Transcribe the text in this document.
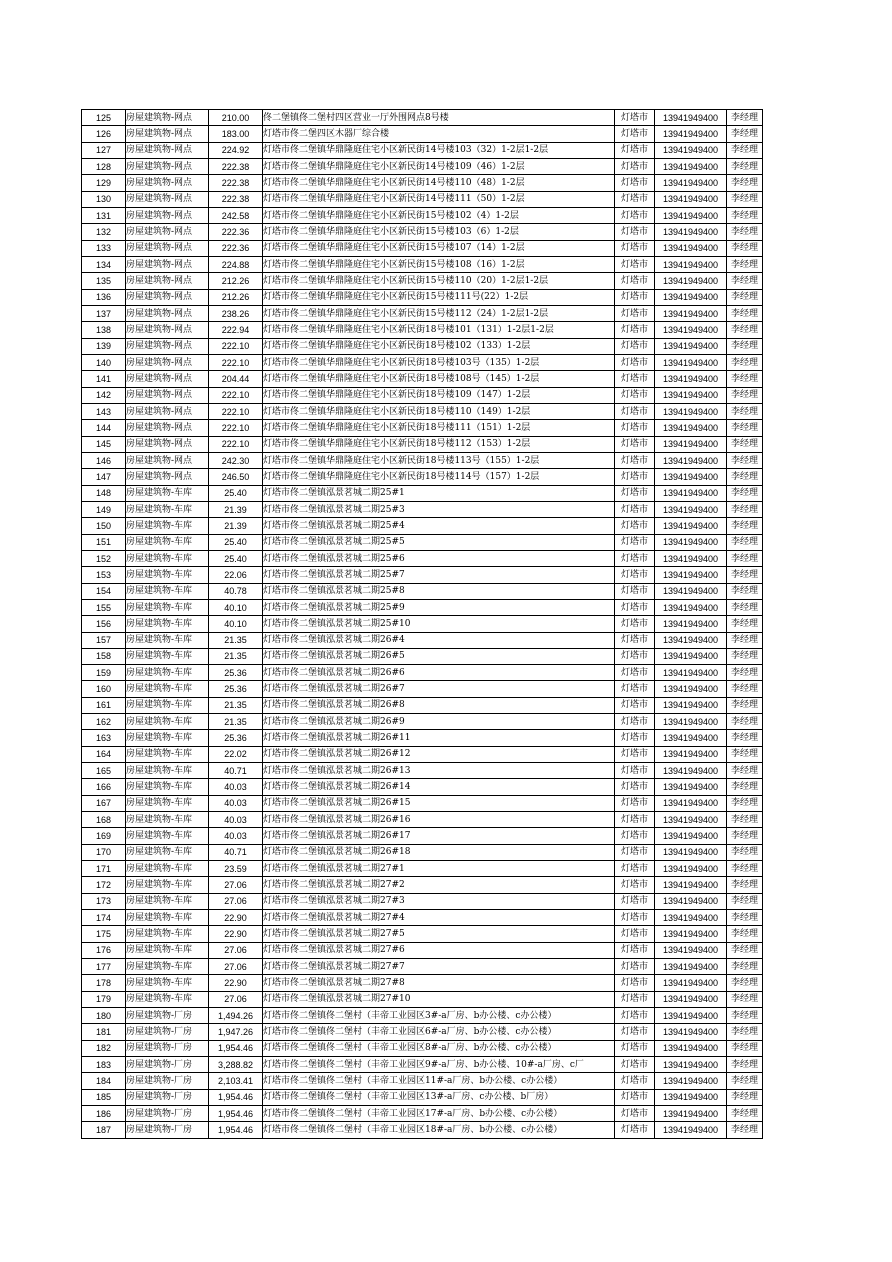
125	房屋建筑物-网点	210.00	佟二堡镇佟二堡村四区营业一厅外围网点8号楼	灯塔市	13941949400	李经理
126	房屋建筑物-网点	183.00	灯塔市佟二堡四区木器厂综合楼	灯塔市	13941949400	李经理
127	房屋建筑物-网点	224.92	灯塔市佟二堡镇华鼎隆庭住宅小区新民街14号楼103（32）1-2层1-2层	灯塔市	13941949400	李经理
128	房屋建筑物-网点	222.38	灯塔市佟二堡镇华鼎隆庭住宅小区新民街14号楼109（46）1-2层	灯塔市	13941949400	李经理
129	房屋建筑物-网点	222.38	灯塔市佟二堡镇华鼎隆庭住宅小区新民街14号楼110（48）1-2层	灯塔市	13941949400	李经理
130	房屋建筑物-网点	222.38	灯塔市佟二堡镇华鼎隆庭住宅小区新民街14号楼111（50）1-2层	灯塔市	13941949400	李经理
131	房屋建筑物-网点	242.58	灯塔市佟二堡镇华鼎隆庭住宅小区新民街15号楼102（4）1-2层	灯塔市	13941949400	李经理
132	房屋建筑物-网点	222.36	灯塔市佟二堡镇华鼎隆庭住宅小区新民街15号楼103（6）1-2层	灯塔市	13941949400	李经理
133	房屋建筑物-网点	222.36	灯塔市佟二堡镇华鼎隆庭住宅小区新民街15号楼107（14）1-2层	灯塔市	13941949400	李经理
134	房屋建筑物-网点	224.88	灯塔市佟二堡镇华鼎隆庭住宅小区新民街15号楼108（16）1-2层	灯塔市	13941949400	李经理
135	房屋建筑物-网点	212.26	灯塔市佟二堡镇华鼎隆庭住宅小区新民街15号楼110（20）1-2层1-2层	灯塔市	13941949400	李经理
136	房屋建筑物-网点	212.26	灯塔市佟二堡镇华鼎隆庭住宅小区新民街15号楼111号(22）1-2层	灯塔市	13941949400	李经理
137	房屋建筑物-网点	238.26	灯塔市佟二堡镇华鼎隆庭住宅小区新民街15号楼112（24）1-2层1-2层	灯塔市	13941949400	李经理
138	房屋建筑物-网点	222.94	灯塔市佟二堡镇华鼎隆庭住宅小区新民街18号楼101（131）1-2层1-2层	灯塔市	13941949400	李经理
139	房屋建筑物-网点	222.10	灯塔市佟二堡镇华鼎隆庭住宅小区新民街18号楼102（133）1-2层	灯塔市	13941949400	李经理
140	房屋建筑物-网点	222.10	灯塔市佟二堡镇华鼎隆庭住宅小区新民街18号楼103号（135）1-2层	灯塔市	13941949400	李经理
141	房屋建筑物-网点	204.44	灯塔市佟二堡镇华鼎隆庭住宅小区新民街18号楼108号（145）1-2层	灯塔市	13941949400	李经理
142	房屋建筑物-网点	222.10	灯塔市佟二堡镇华鼎隆庭住宅小区新民街18号楼109（147）1-2层	灯塔市	13941949400	李经理
143	房屋建筑物-网点	222.10	灯塔市佟二堡镇华鼎隆庭住宅小区新民街18号楼110（149）1-2层	灯塔市	13941949400	李经理
144	房屋建筑物-网点	222.10	灯塔市佟二堡镇华鼎隆庭住宅小区新民街18号楼111（151）1-2层	灯塔市	13941949400	李经理
145	房屋建筑物-网点	222.10	灯塔市佟二堡镇华鼎隆庭住宅小区新民街18号楼112（153）1-2层	灯塔市	13941949400	李经理
146	房屋建筑物-网点	242.30	灯塔市佟二堡镇华鼎隆庭住宅小区新民街18号楼113号（155）1-2层	灯塔市	13941949400	李经理
147	房屋建筑物-网点	246.50	灯塔市佟二堡镇华鼎隆庭住宅小区新民街18号楼114号（157）1-2层	灯塔市	13941949400	李经理
148	房屋建筑物-车库	25.40	灯塔市佟二堡镇泓景茗城二期25#1	灯塔市	13941949400	李经理
149	房屋建筑物-车库	21.39	灯塔市佟二堡镇泓景茗城二期25#3	灯塔市	13941949400	李经理
150	房屋建筑物-车库	21.39	灯塔市佟二堡镇泓景茗城二期25#4	灯塔市	13941949400	李经理
151	房屋建筑物-车库	25.40	灯塔市佟二堡镇泓景茗城二期25#5	灯塔市	13941949400	李经理
152	房屋建筑物-车库	25.40	灯塔市佟二堡镇泓景茗城二期25#6	灯塔市	13941949400	李经理
153	房屋建筑物-车库	22.06	灯塔市佟二堡镇泓景茗城二期25#7	灯塔市	13941949400	李经理
154	房屋建筑物-车库	40.78	灯塔市佟二堡镇泓景茗城二期25#8	灯塔市	13941949400	李经理
155	房屋建筑物-车库	40.10	灯塔市佟二堡镇泓景茗城二期25#9	灯塔市	13941949400	李经理
156	房屋建筑物-车库	40.10	灯塔市佟二堡镇泓景茗城二期25#10	灯塔市	13941949400	李经理
157	房屋建筑物-车库	21.35	灯塔市佟二堡镇泓景茗城二期26#4	灯塔市	13941949400	李经理
158	房屋建筑物-车库	21.35	灯塔市佟二堡镇泓景茗城二期26#5	灯塔市	13941949400	李经理
159	房屋建筑物-车库	25.36	灯塔市佟二堡镇泓景茗城二期26#6	灯塔市	13941949400	李经理
160	房屋建筑物-车库	25.36	灯塔市佟二堡镇泓景茗城二期26#7	灯塔市	13941949400	李经理
161	房屋建筑物-车库	21.35	灯塔市佟二堡镇泓景茗城二期26#8	灯塔市	13941949400	李经理
162	房屋建筑物-车库	21.35	灯塔市佟二堡镇泓景茗城二期26#9	灯塔市	13941949400	李经理
163	房屋建筑物-车库	25.36	灯塔市佟二堡镇泓景茗城二期26#11	灯塔市	13941949400	李经理
164	房屋建筑物-车库	22.02	灯塔市佟二堡镇泓景茗城二期26#12	灯塔市	13941949400	李经理
165	房屋建筑物-车库	40.71	灯塔市佟二堡镇泓景茗城二期26#13	灯塔市	13941949400	李经理
166	房屋建筑物-车库	40.03	灯塔市佟二堡镇泓景茗城二期26#14	灯塔市	13941949400	李经理
167	房屋建筑物-车库	40.03	灯塔市佟二堡镇泓景茗城二期26#15	灯塔市	13941949400	李经理
168	房屋建筑物-车库	40.03	灯塔市佟二堡镇泓景茗城二期26#16	灯塔市	13941949400	李经理
169	房屋建筑物-车库	40.03	灯塔市佟二堡镇泓景茗城二期26#17	灯塔市	13941949400	李经理
170	房屋建筑物-车库	40.71	灯塔市佟二堡镇泓景茗城二期26#18	灯塔市	13941949400	李经理
171	房屋建筑物-车库	23.59	灯塔市佟二堡镇泓景茗城二期27#1	灯塔市	13941949400	李经理
172	房屋建筑物-车库	27.06	灯塔市佟二堡镇泓景茗城二期27#2	灯塔市	13941949400	李经理
173	房屋建筑物-车库	27.06	灯塔市佟二堡镇泓景茗城二期27#3	灯塔市	13941949400	李经理
174	房屋建筑物-车库	22.90	灯塔市佟二堡镇泓景茗城二期27#4	灯塔市	13941949400	李经理
175	房屋建筑物-车库	22.90	灯塔市佟二堡镇泓景茗城二期27#5	灯塔市	13941949400	李经理
176	房屋建筑物-车库	27.06	灯塔市佟二堡镇泓景茗城二期27#6	灯塔市	13941949400	李经理
177	房屋建筑物-车库	27.06	灯塔市佟二堡镇泓景茗城二期27#7	灯塔市	13941949400	李经理
178	房屋建筑物-车库	22.90	灯塔市佟二堡镇泓景茗城二期27#8	灯塔市	13941949400	李经理
179	房屋建筑物-车库	27.06	灯塔市佟二堡镇泓景茗城二期27#10	灯塔市	13941949400	李经理
180	房屋建筑物-厂房	1,494.26	灯塔市佟二堡镇佟二堡村（丰帝工业园区3#-a厂房、b办公楼、c办公楼）	灯塔市	13941949400	李经理
181	房屋建筑物-厂房	1,947.26	灯塔市佟二堡镇佟二堡村（丰帝工业园区6#-a厂房、b办公楼、c办公楼）	灯塔市	13941949400	李经理
182	房屋建筑物-厂房	1,954.46	灯塔市佟二堡镇佟二堡村（丰帝工业园区8#-a厂房、b办公楼、c办公楼）	灯塔市	13941949400	李经理
183	房屋建筑物-厂房	3,288.82	灯塔市佟二堡镇佟二堡村（丰帝工业园区9#-a厂房、b办公楼、10#-a厂房、c厂	灯塔市	13941949400	李经理
184	房屋建筑物-厂房	2,103.41	灯塔市佟二堡镇佟二堡村（丰帝工业园区11#-a厂房、b办公楼、c办公楼）	灯塔市	13941949400	李经理
185	房屋建筑物-厂房	1,954.46	灯塔市佟二堡镇佟二堡村（丰帝工业园区13#-a厂房、c办公楼、b厂房）	灯塔市	13941949400	李经理
186	房屋建筑物-厂房	1,954.46	灯塔市佟二堡镇佟二堡村（丰帝工业园区17#-a厂房、b办公楼、c办公楼）	灯塔市	13941949400	李经理
187	房屋建筑物-厂房	1,954.46	灯塔市佟二堡镇佟二堡村（丰帝工业园区18#-a厂房、b办公楼、c办公楼）	灯塔市	13941949400	李经理
